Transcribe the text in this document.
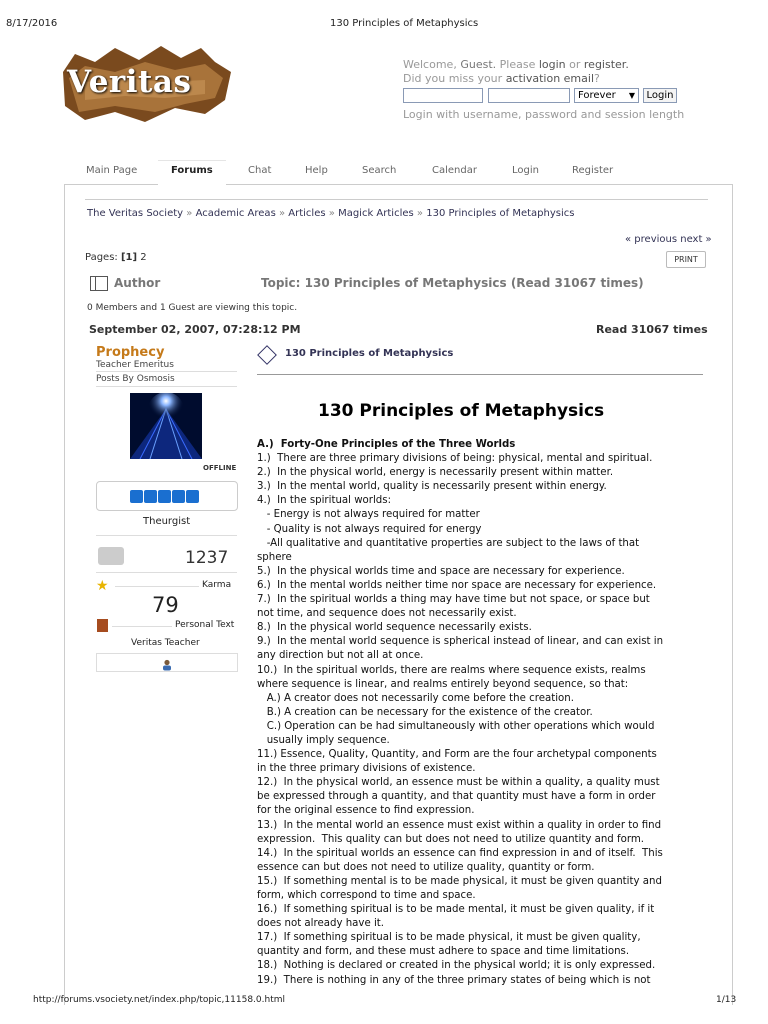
8/17/2016	130 Principles of Metaphysics
Veritas	Welcome, Guest. Please login or register.
Did you miss your activation email?
Forever ▼ Login
Login with username, password and session length
Main Page	Forums	Chat	Help	Search	Calendar	Login	Register
The Veritas Society » Academic Areas » Articles » Magick Articles » 130 Principles of Metaphysics
« previous next »
Pages: [1] 2	PRINT
Author	Topic: 130 Principles of Metaphysics (Read 31067 times)
0 Members and 1 Guest are viewing this topic.
September 02, 2007, 07:28:12 PM	Read 31067 times
Prophecy
Teacher Emeritus
Posts By Osmosis
OFFLINE
Theurgist
1237
★	Karma
79
Personal Text
Veritas Teacher
130 Principles of Metaphysics
130 Principles of Metaphysics
A.)  Forty-One Principles of the Three Worlds
1.)  There are three primary divisions of being: physical, mental and spiritual.
2.)  In the physical world, energy is necessarily present within matter.
3.)  In the mental world, quality is necessarily present within energy.
4.)  In the spiritual worlds:
- Energy is not always required for matter
- Quality is not always required for energy
-All qualitative and quantitative properties are subject to the laws of that
sphere
5.)  In the physical worlds time and space are necessary for experience.
6.)  In the mental worlds neither time nor space are necessary for experience.
7.)  In the spiritual worlds a thing may have time but not space, or space but
not time, and sequence does not necessarily exist.
8.)  In the physical world sequence necessarily exists.
9.)  In the mental world sequence is spherical instead of linear, and can exist in
any direction but not all at once.
10.)  In the spiritual worlds, there are realms where sequence exists, realms
where sequence is linear, and realms entirely beyond sequence, so that:
A.) A creator does not necessarily come before the creation.
B.) A creation can be necessary for the existence of the creator.
C.) Operation can be had simultaneously with other operations which would
usually imply sequence.
11.) Essence, Quality, Quantity, and Form are the four archetypal components
in the three primary divisions of existence.
12.)  In the physical world, an essence must be within a quality, a quality must
be expressed through a quantity, and that quantity must have a form in order
for the original essence to find expression.
13.)  In the mental world an essence must exist within a quality in order to find
expression.  This quality can but does not need to utilize quantity and form.
14.)  In the spiritual worlds an essence can find expression in and of itself.  This
essence can but does not need to utilize quality, quantity or form.
15.)  If something mental is to be made physical, it must be given quantity and
form, which correspond to time and space.
16.)  If something spiritual is to be made mental, it must be given quality, if it
does not already have it.
17.)  If something spiritual is to be made physical, it must be given quality,
quantity and form, and these must adhere to space and time limitations.
18.)  Nothing is declared or created in the physical world; it is only expressed.
19.)  There is nothing in any of the three primary states of being which is not
http://forums.vsociety.net/index.php/topic,11158.0.html	1/13
